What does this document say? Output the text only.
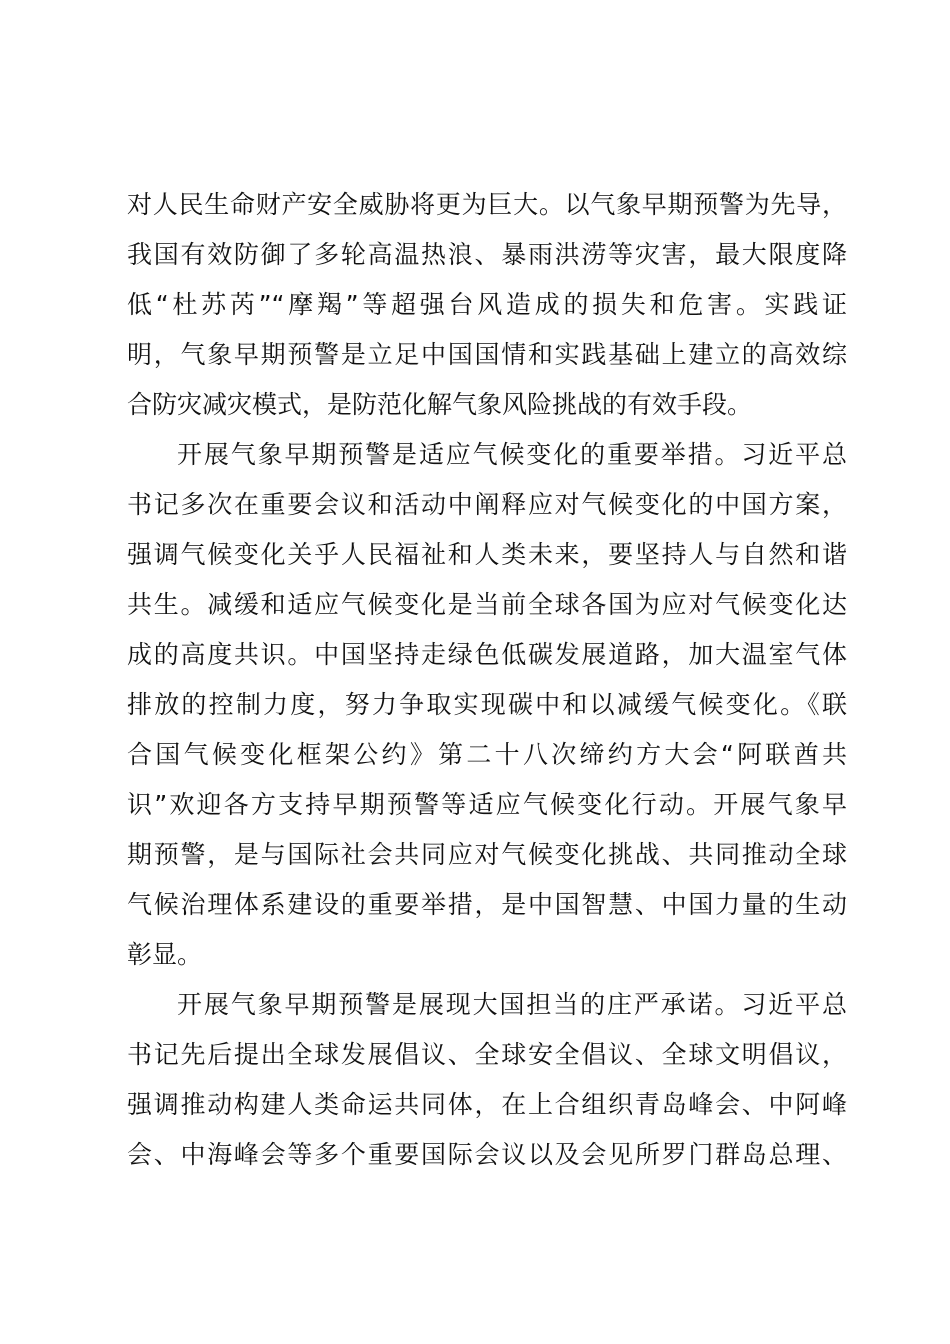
对人民生命财产安全威胁将更为巨大。以气象早期预警为先导，
我国有效防御了多轮高温热浪、暴雨洪涝等灾害，最大限度降
低“杜苏芮”“摩羯”等超强台风造成的损失和危害。实践证
明，气象早期预警是立足中国国情和实践基础上建立的高效综
合防灾减灾模式，是防范化解气象风险挑战的有效手段。
开展气象早期预警是适应气候变化的重要举措。习近平总
书记多次在重要会议和活动中阐释应对气候变化的中国方案，
强调气候变化关乎人民福祉和人类未来，要坚持人与自然和谐
共生。减缓和适应气候变化是当前全球各国为应对气候变化达
成的高度共识。中国坚持走绿色低碳发展道路，加大温室气体
排放的控制力度，努力争取实现碳中和以减缓气候变化。《联
合国气候变化框架公约》第二十八次缔约方大会“阿联酋共
识”欢迎各方支持早期预警等适应气候变化行动。开展气象早
期预警，是与国际社会共同应对气候变化挑战、共同推动全球
气候治理体系建设的重要举措，是中国智慧、中国力量的生动
彰显。
开展气象早期预警是展现大国担当的庄严承诺。习近平总
书记先后提出全球发展倡议、全球安全倡议、全球文明倡议，
强调推动构建人类命运共同体，在上合组织青岛峰会、中阿峰
会、中海峰会等多个重要国际会议以及会见所罗门群岛总理、
